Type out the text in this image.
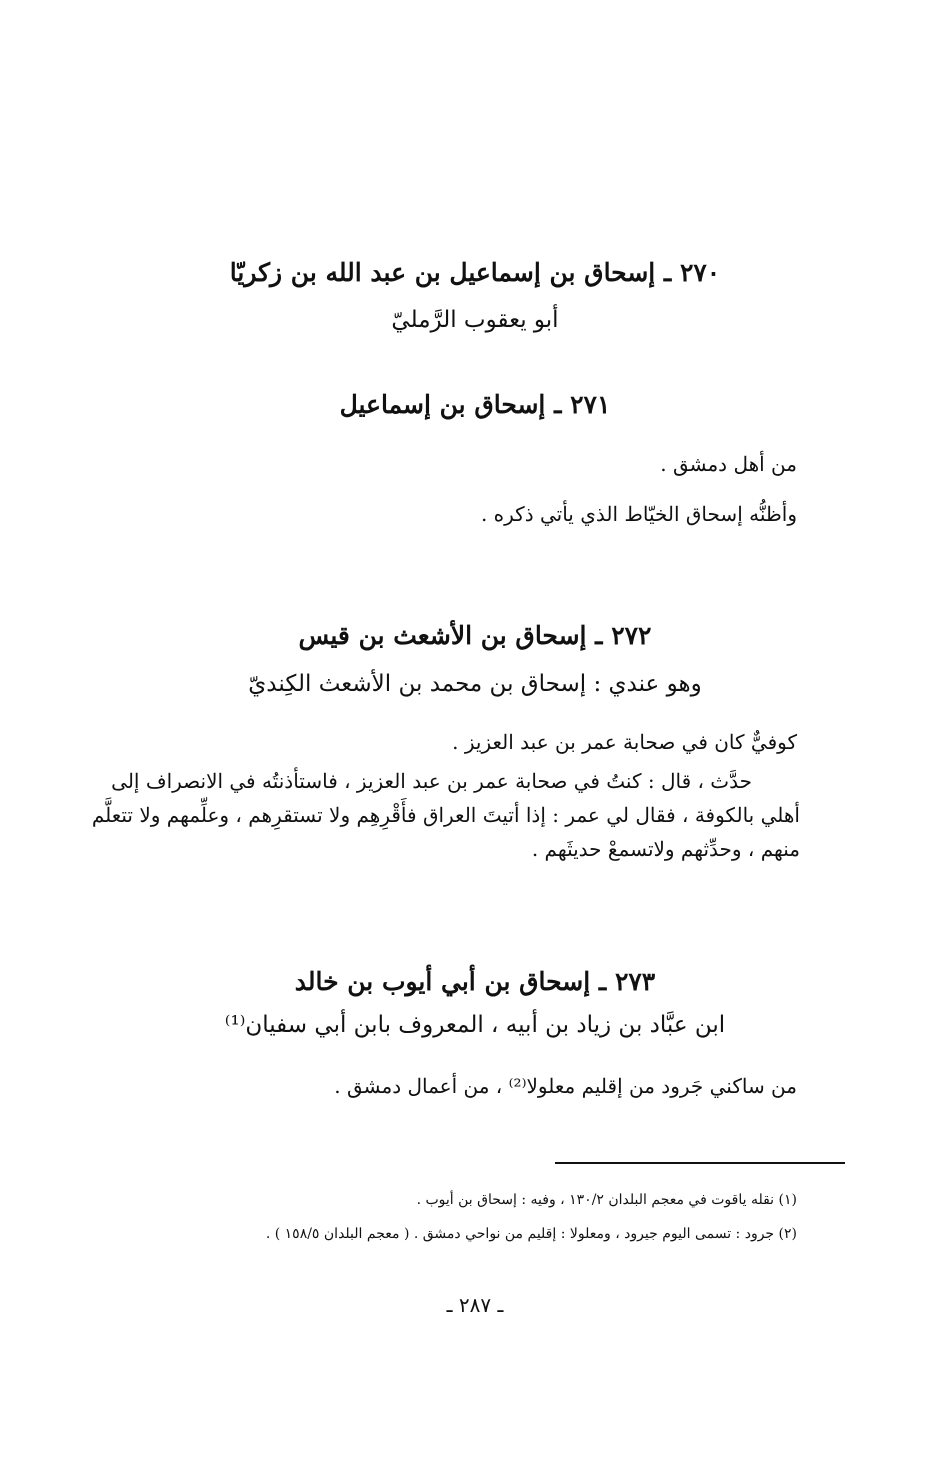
٢٧٠ ـ إسحاق بن إسماعيل بن عبد الله بن زكريّا
أبو يعقوب الرَّمليّ
٢٧١ ـ إسحاق بن إسماعيل
من أهل دمشق .
وأظنُّه إسحاق الخيّاط الذي يأتي ذكره .
٢٧٢ ـ إسحاق بن الأشعث بن قيس
وهو عندي : إسحاق بن محمد بن الأشعث الكِنديّ
كوفيٌّ كان في صحابة عمر بن عبد العزيز .
حدَّث ، قال : كنتُ في صحابة عمر بن عبد العزيز ، فاستأذنتُه في الانصراف إلى
أهلي بالكوفة ، فقال لي عمر : إذا أتيتَ العراق فأَقْرِهِم ولا تستقرِهم ، وعلِّمهم ولا تتعلَّم
منهم ، وحدِّثهم ولاتسمعْ حديثَهم .
٢٧٣ ـ إسحاق بن أبي أيوب بن خالد
ابن عبَّاد بن زياد بن أبيه ، المعروف بابن أبي سفيان⁽¹⁾
من ساكني جَرود من إقليم معلولا⁽²⁾ ، من أعمال دمشق .
(١) نقله ياقوت في معجم البلدان ١٣٠/٢ ، وفيه : إسحاق بن أيوب .
(٢) جرود : تسمى اليوم جيرود ، ومعلولا : إقليم من نواحي دمشق . ( معجم البلدان ١٥٨/٥ ) .
ـ ٢٨٧ ـ
